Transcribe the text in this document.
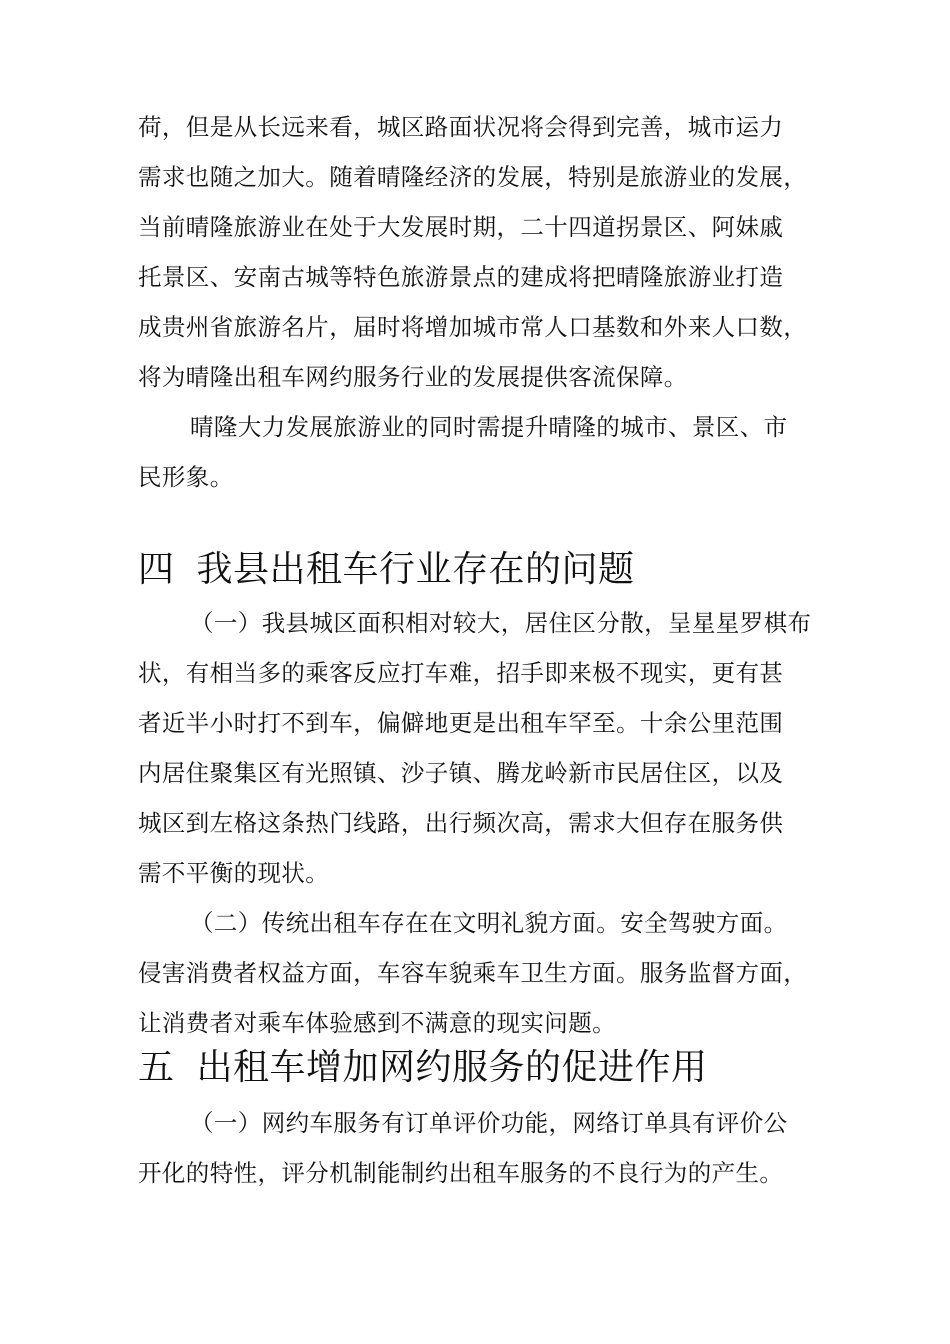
荷，但是从长远来看，城区路面状况将会得到完善，城市运力
需求也随之加大。随着晴隆经济的发展，特别是旅游业的发展，
当前晴隆旅游业在处于大发展时期，二十四道拐景区、阿妹戚
托景区、安南古城等特色旅游景点的建成将把晴隆旅游业打造
成贵州省旅游名片，届时将增加城市常人口基数和外来人口数，
将为晴隆出租车网约服务行业的发展提供客流保障。
晴隆大力发展旅游业的同时需提升晴隆的城市、景区、市
民形象。
四 我县出租车行业存在的问题
（一）我县城区面积相对较大，居住区分散，呈星星罗棋布
状，有相当多的乘客反应打车难，招手即来极不现实，更有甚
者近半小时打不到车，偏僻地更是出租车罕至。十余公里范围
内居住聚集区有光照镇、沙子镇、腾龙岭新市民居住区，以及
城区到左格这条热门线路，出行频次高，需求大但存在服务供
需不平衡的现状。
（二）传统出租车存在在文明礼貌方面。安全驾驶方面。
侵害消费者权益方面，车容车貌乘车卫生方面。服务监督方面，
让消费者对乘车体验感到不满意的现实问题。
五 出租车增加网约服务的促进作用
（一）网约车服务有订单评价功能，网络订单具有评价公
开化的特性，评分机制能制约出租车服务的不良行为的产生。
